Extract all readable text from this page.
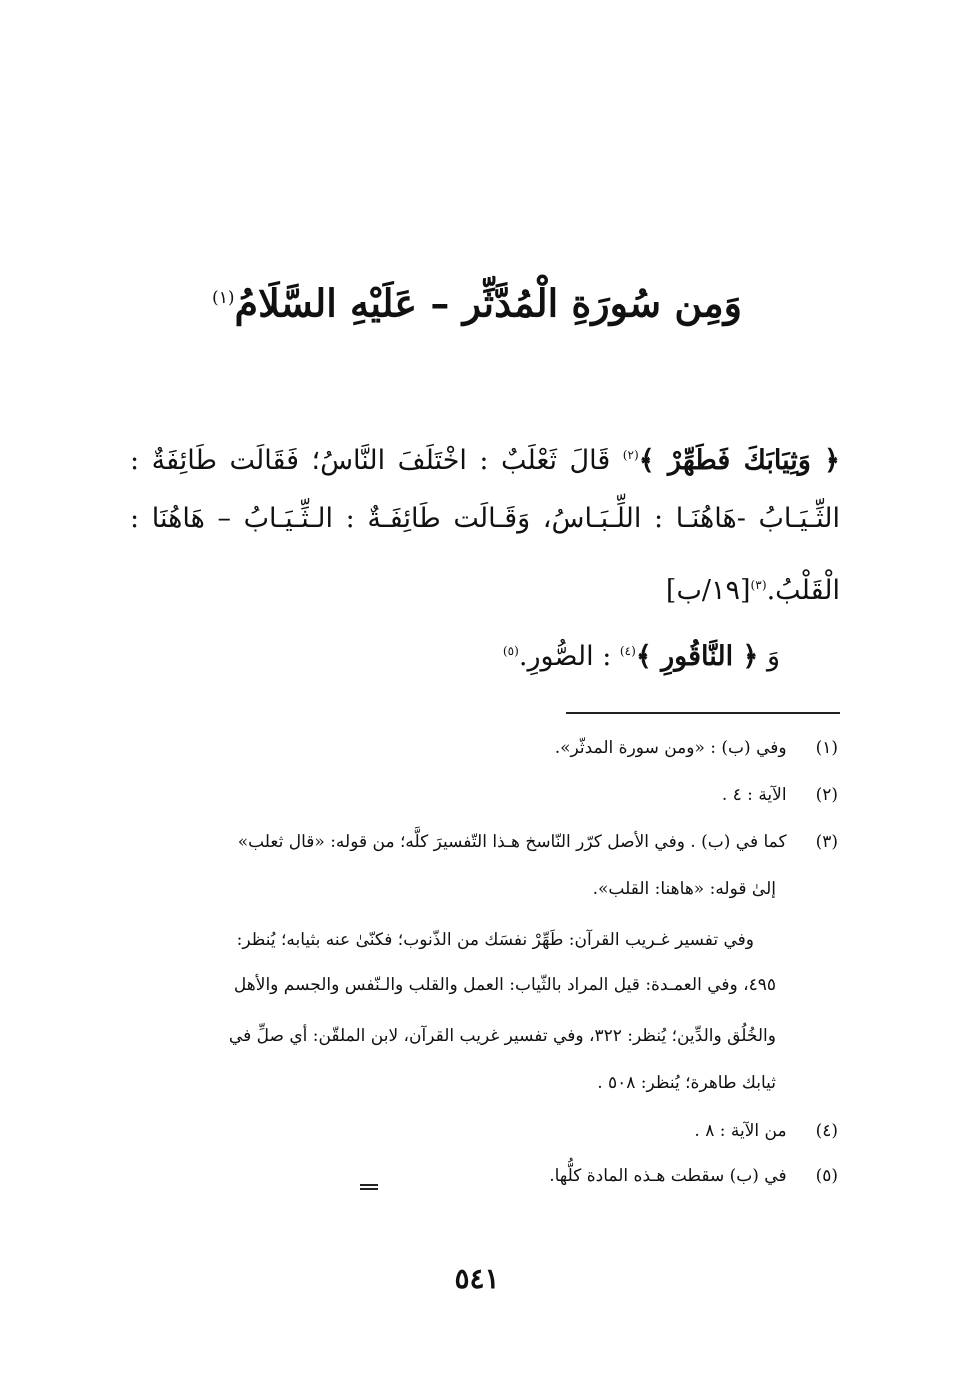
وَمِن سُورَةِ الْمُدَّثِّر – عَلَيْهِ السَّلَامُ$^{(١)}$
﴿ وَثِيَابَكَ فَطَهِّرْ ﴾$^{(٢)}$ قَالَ ثَعْلَبٌ : اخْتَلَفَ النَّاسُ؛ فَقَالَت طَائِفَةٌ :
الثِّـيَـابُ -هَاهُنَـا : اللِّـبَـاسُ، وَقَـالَت طَائِفَـةٌ : الـثِّـيَـابُ – هَاهُنَا :
الْقَلْبُ.$^{(٣)}$[١٩/ب]
وَ ﴿ النَّاقُورِ ﴾$^{(٤)}$ : الصُّورِ.$^{(٥)}$
(١) وفي (ب) : «ومن سورة المدثّر».
(٢) الآية : ٤ .
(٣) كما في (ب) . وفي الأصل كرّر النّاسخ هـذا التّفسيرَ كلَّه؛ من قوله: «قال ثعلب»
إلىٰ قوله: «هاهنا: القلب».
وفي تفسير غـريب القرآن: طَهِّرْ نفسَك من الذّنوب؛ فكنّىٰ عنه بثيابه؛ يُنظر:
٤٩٥، وفي العمـدة: قيل المراد بالثّياب: العمل والقلب والـنّفس والجسم والأهل
والخُلُق والدِّين؛ يُنظر: ٣٢٢، وفي تفسير غريب القرآن، لابن الملقّن: أي صلِّ في
ثيابك طاهرة؛ يُنظر: ٥٠٨ .
(٤) من الآية : ٨ .
(٥) في (ب) سقطت هـذه المادة كلُّها.
٥٤١
